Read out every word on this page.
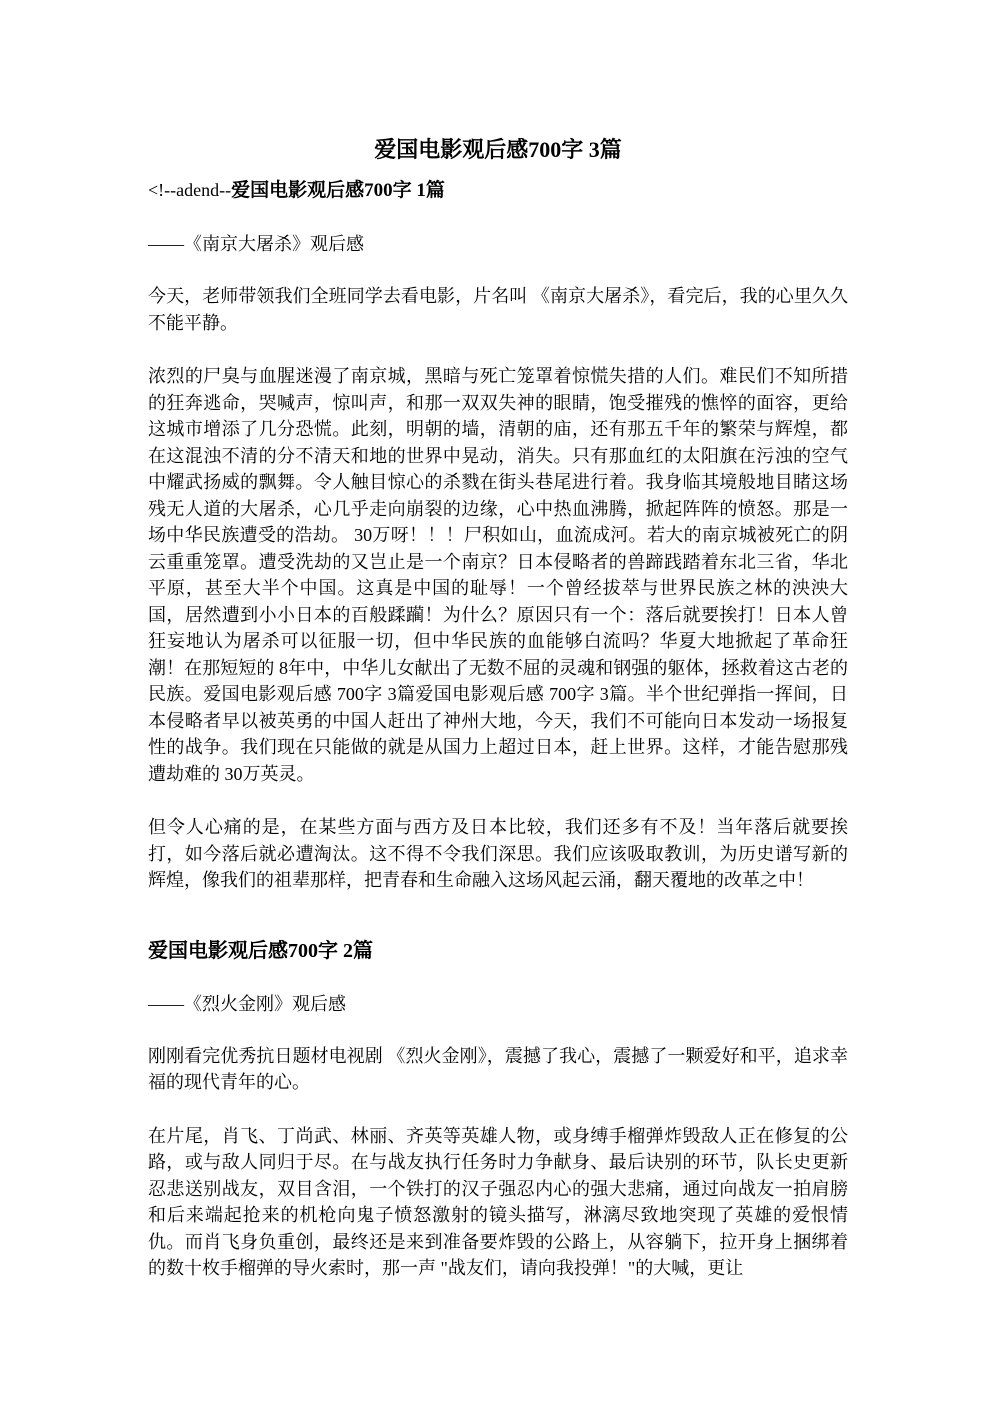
爱国电影观后感700字 3篇
<!--adend--爱国电影观后感700字 1篇

——《南京大屠杀》观后感

今天，老师带领我们全班同学去看电影，片名叫 《南京大屠杀》，看完后，我的心里久久不能平静。

浓烈的尸臭与血腥迷漫了南京城，黑暗与死亡笼罩着惊慌失措的人们。难民们不知所措的狂奔逃命，哭喊声，惊叫声，和那一双双失神的眼睛，饱受摧残的憔悴的面容，更给这城市增添了几分恐慌。此刻，明朝的墙，清朝的庙，还有那五千年的繁荣与辉煌，都在这混浊不清的分不清天和地的世界中晃动，消失。只有那血红的太阳旗在污浊的空气中耀武扬威的飘舞。令人触目惊心的杀戮在街头巷尾进行着。我身临其境般地目睹这场残无人道的大屠杀，心几乎走向崩裂的边缘，心中热血沸腾，掀起阵阵的愤怒。那是一场中华民族遭受的浩劫。 30万呀！！！尸积如山，血流成河。若大的南京城被死亡的阴云重重笼罩。遭受洗劫的又岂止是一个南京？日本侵略者的兽蹄践踏着东北三省，华北平原，甚至大半个中国。这真是中国的耻辱！一个曾经拔萃与世界民族之林的泱泱大国，居然遭到小小日本的百般蹂躏！为什么？原因只有一个：落后就要挨打！日本人曾狂妄地认为屠杀可以征服一切，但中华民族的血能够白流吗？华夏大地掀起了革命狂潮！在那短短的 8年中，中华儿女献出了无数不屈的灵魂和钢强的躯体，拯救着这古老的民族。爱国电影观后感 700字 3篇爱国电影观后感 700字 3篇。半个世纪弹指一挥间，日本侵略者早以被英勇的中国人赶出了神州大地，今天，我们不可能向日本发动一场报复性的战争。我们现在只能做的就是从国力上超过日本，赶上世界。这样，才能告慰那残遭劫难的 30万英灵。

但令人心痛的是，在某些方面与西方及日本比较，我们还多有不及！当年落后就要挨打，如今落后就必遭淘汰。这不得不令我们深思。我们应该吸取教训，为历史谱写新的辉煌，像我们的祖辈那样，把青春和生命融入这场风起云涌，翻天覆地的改革之中！

爱国电影观后感700字 2篇

——《烈火金刚》观后感

刚刚看完优秀抗日题材电视剧 《烈火金刚》，震撼了我心，震撼了一颗爱好和平，追求幸福的现代青年的心。

在片尾，肖飞、丁尚武、林丽、齐英等英雄人物，或身缚手榴弹炸毁敌人正在修复的公路，或与敌人同归于尽。在与战友执行任务时力争献身、最后诀别的环节，队长史更新忍悲送别战友，双目含泪，一个铁打的汉子强忍内心的强大悲痛，通过向战友一拍肩膀和后来端起抢来的机枪向鬼子愤怒激射的镜头描写，淋漓尽致地突现了英雄的爱恨情仇。而肖飞身负重创，最终还是来到准备要炸毁的公路上，从容躺下，拉开身上捆绑着的数十枚手榴弹的导火索时，那一声 "战友们，请向我投弹！"的大喊，更让
